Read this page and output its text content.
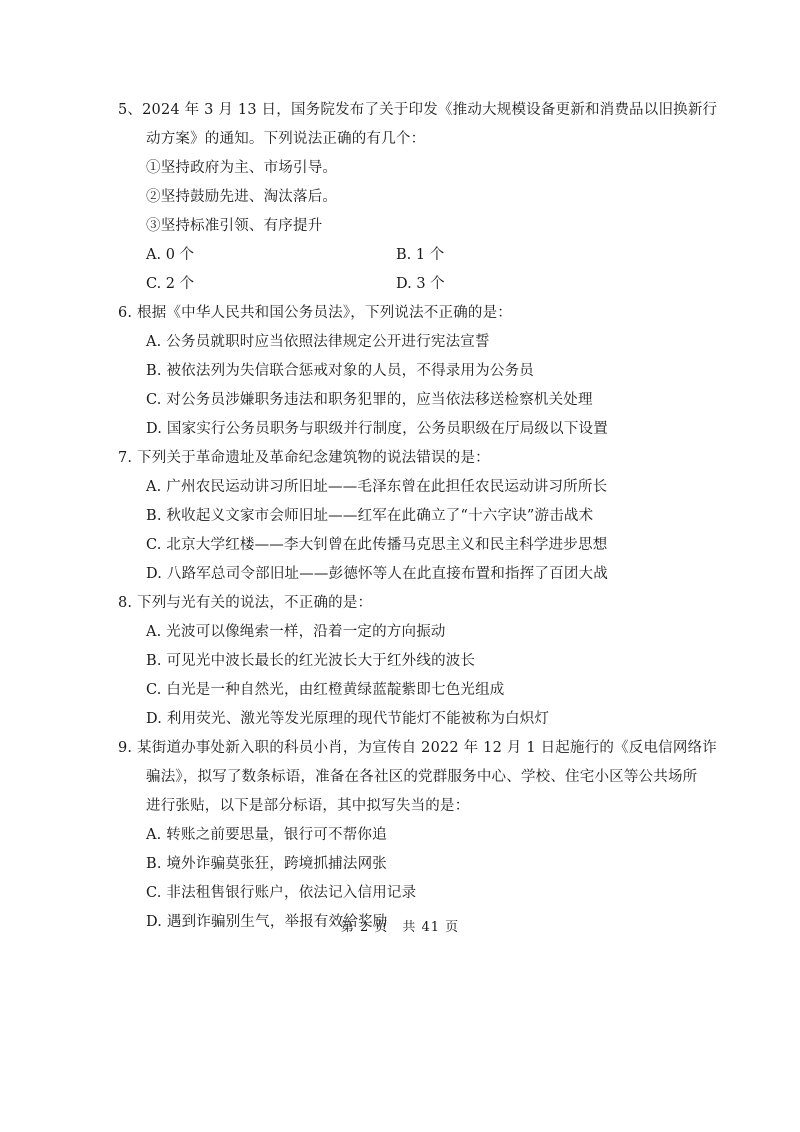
5、2024 年 3 月 13 日，国务院发布了关于印发《推动大规模设备更新和消费品以旧换新行
动方案》的通知。下列说法正确的有几个：
①坚持政府为主、市场引导。
②坚持鼓励先进、淘汰落后。
③坚持标准引领、有序提升
A. 0 个	B. 1 个
C. 2 个	D. 3 个
6. 根据《中华人民共和国公务员法》，下列说法不正确的是：
A. 公务员就职时应当依照法律规定公开进行宪法宣誓
B. 被依法列为失信联合惩戒对象的人员，不得录用为公务员
C. 对公务员涉嫌职务违法和职务犯罪的，应当依法移送检察机关处理
D. 国家实行公务员职务与职级并行制度，公务员职级在厅局级以下设置
7. 下列关于革命遗址及革命纪念建筑物的说法错误的是：
A. 广州农民运动讲习所旧址——毛泽东曾在此担任农民运动讲习所所长
B. 秋收起义文家市会师旧址——红军在此确立了“十六字诀”游击战术
C. 北京大学红楼——李大钊曾在此传播马克思主义和民主科学进步思想
D. 八路军总司令部旧址——彭德怀等人在此直接布置和指挥了百团大战
8. 下列与光有关的说法，不正确的是：
A. 光波可以像绳索一样，沿着一定的方向振动
B. 可见光中波长最长的红光波长大于红外线的波长
C. 白光是一种自然光，由红橙黄绿蓝靛紫即七色光组成
D. 利用荧光、激光等发光原理的现代节能灯不能被称为白炽灯
9. 某街道办事处新入职的科员小肖，为宣传自 2022 年 12 月 1 日起施行的《反电信网络诈
骗法》，拟写了数条标语，准备在各社区的党群服务中心、学校、住宅小区等公共场所
进行张贴，以下是部分标语，其中拟写失当的是：
A. 转账之前要思量，银行可不帮你追
B. 境外诈骗莫张狂，跨境抓捕法网张
C. 非法租售银行账户，依法记入信用记录
D. 遇到诈骗别生气，举报有效给奖励
第 2 页　共 41 页
